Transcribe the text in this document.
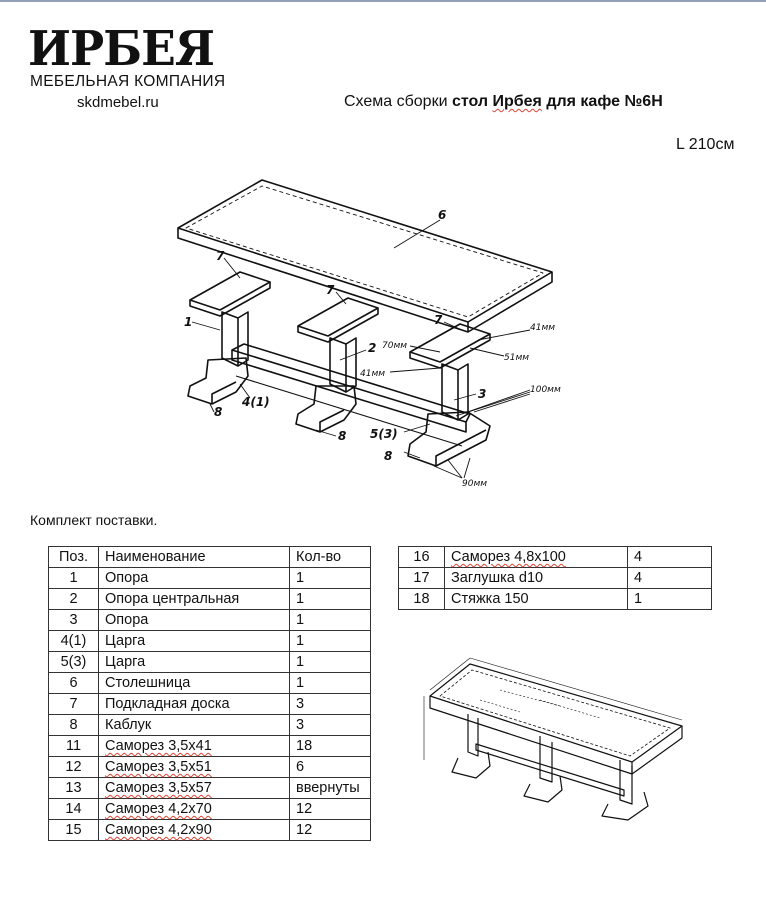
ИРБЕЯ
МЕБЕЛЬНАЯ КОМПАНИЯ
skdmebel.ru	Схема сборки стол Ирбея для кафе №6Н
L 210см
6
7
7
7
1
2
3
4(1)
5(3)
8
8
8
70мм
41мм
51мм
41мм
100мм
90мм
Комплект поставки.
Поз.	Наименование	Кол-во
1	Опора	1
2	Опора центральная	1
3	Опора	1
4(1)	Царга	1
5(3)	Царга	1
6	Столешница	1
7	Подкладная доска	3
8	Каблук	3
11	Саморез 3,5х41	18
12	Саморез 3,5х51	6
13	Саморез 3,5х57	ввернуты
14	Саморез 4,2х70	12
15	Саморез 4,2х90	12
16	Саморез 4,8х100	4
17	Заглушка d10	4
18	Стяжка 150	1
